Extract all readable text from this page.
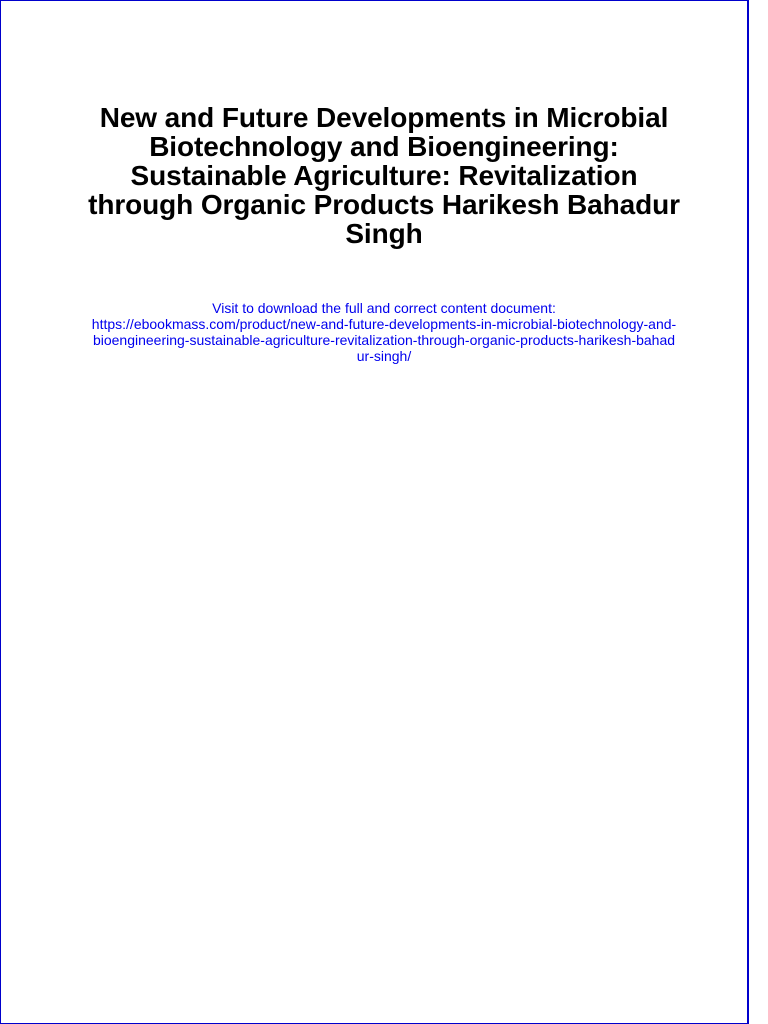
New and Future Developments in Microbial Biotechnology and Bioengineering: Sustainable Agriculture: Revitalization through Organic Products Harikesh Bahadur Singh
Visit to download the full and correct content document:
https://ebookmass.com/product/new-and-future-developments-in-microbial-biotechnology-and-bioengineering-sustainable-agriculture-revitalization-through-organic-products-harikesh-bahadur-singh/
